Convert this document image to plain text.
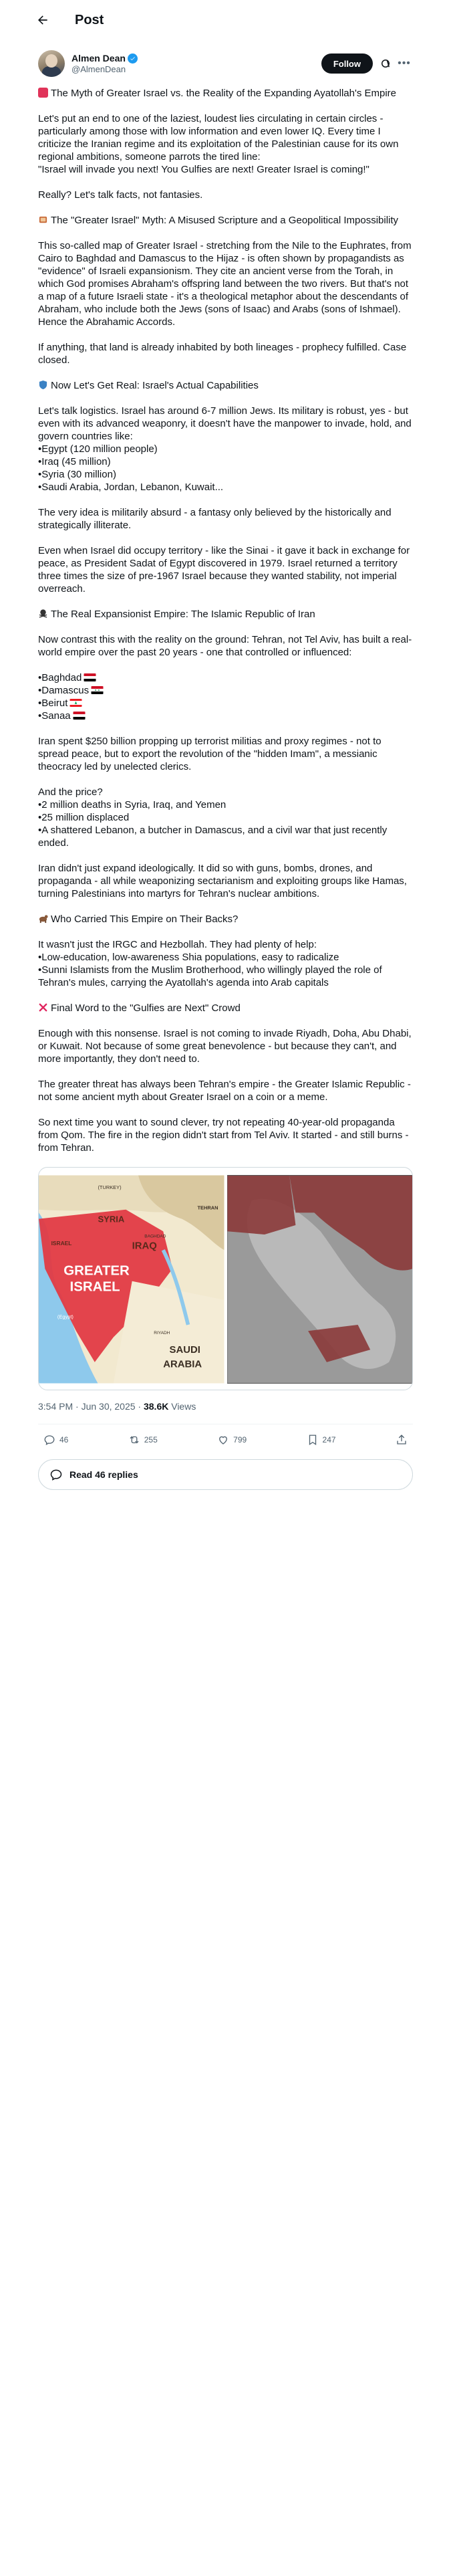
Post
Almen Dean
@AlmenDean
Follow	•••
The Myth of Greater Israel vs. the Reality of the Expanding Ayatollah's Empire
Let's put an end to one of the laziest, loudest lies circulating in certain circles - particularly among those with low information and even lower IQ. Every time I criticize the Iranian regime and its exploitation of the Palestinian cause for its own regional ambitions, someone parrots the tired line:
"Israel will invade you next! You Gulfies are next! Greater Israel is coming!"
Really? Let's talk facts, not fantasies.
The "Greater Israel" Myth: A Misused Scripture and a Geopolitical Impossibility
This so-called map of Greater Israel - stretching from the Nile to the Euphrates, from Cairo to Baghdad and Damascus to the Hijaz - is often shown by propagandists as "evidence" of Israeli expansionism. They cite an ancient verse from the Torah, in which God promises Abraham's offspring land between the two rivers. But that's not a map of a future Israeli state - it's a theological metaphor about the descendants of Abraham, who include both the Jews (sons of Isaac) and Arabs (sons of Ishmael). Hence the Abrahamic Accords.
If anything, that land is already inhabited by both lineages - prophecy fulfilled. Case closed.
Now Let's Get Real: Israel's Actual Capabilities
Let's talk logistics. Israel has around 6-7 million Jews. Its military is robust, yes - but even with its advanced weaponry, it doesn't have the manpower to invade, hold, and govern countries like:
•Egypt (120 million people)
•Iraq (45 million)
•Syria (30 million)
•Saudi Arabia, Jordan, Lebanon, Kuwait...
The very idea is militarily absurd - a fantasy only believed by the historically and strategically illiterate.
Even when Israel did occupy territory - like the Sinai - it gave it back in exchange for peace, as President Sadat of Egypt discovered in 1979. Israel returned a territory three times the size of pre-1967 Israel because they wanted stability, not imperial overreach.
The Real Expansionist Empire: The Islamic Republic of Iran
Now contrast this with the reality on the ground: Tehran, not Tel Aviv, has built a real-world empire over the past 20 years - one that controlled or influenced:
•Baghdad
•Damascus
•Beirut
•Sanaa
Iran spent $250 billion propping up terrorist militias and proxy regimes - not to spread peace, but to export the revolution of the "hidden Imam", a messianic theocracy led by unelected clerics.
And the price?
•2 million deaths in Syria, Iraq, and Yemen
•25 million displaced
•A shattered Lebanon, a butcher in Damascus, and a civil war that just recently ended.
Iran didn't just expand ideologically. It did so with guns, bombs, drones, and propaganda - all while weaponizing sectarianism and exploiting groups like Hamas, turning Palestinians into martyrs for Tehran's nuclear ambitions.
Who Carried This Empire on Their Backs?
It wasn't just the IRGC and Hezbollah. They had plenty of help:
•Low-education, low-awareness Shia populations, easy to radicalize
•Sunni Islamists from the Muslim Brotherhood, who willingly played the role of Tehran's mules, carrying the Ayatollah's agenda into Arab capitals
Final Word to the "Gulfies are Next" Crowd
Enough with this nonsense. Israel is not coming to invade Riyadh, Doha, Abu Dhabi, or Kuwait. Not because of some great benevolence - but because they can't, and more importantly, they don't need to.
The greater threat has always been Tehran's empire - the Greater Islamic Republic - not some ancient myth about Greater Israel on a coin or a meme.
So next time you want to sound clever, try not repeating 40-year-old propaganda from Qom. The fire in the region didn't start from Tel Aviv. It started - and still burns - from Tehran.
GREATER
ISRAEL
SYRIA
IRAQ
ISRAEL
SAUDI
ARABIA
TEHRAN
(TURKEY)
BAGHDAD
RIYADH
(Egypt)
3:54 PM · Jun 30, 2025 · 38.6K Views
46	255	799	247
Read 46 replies
